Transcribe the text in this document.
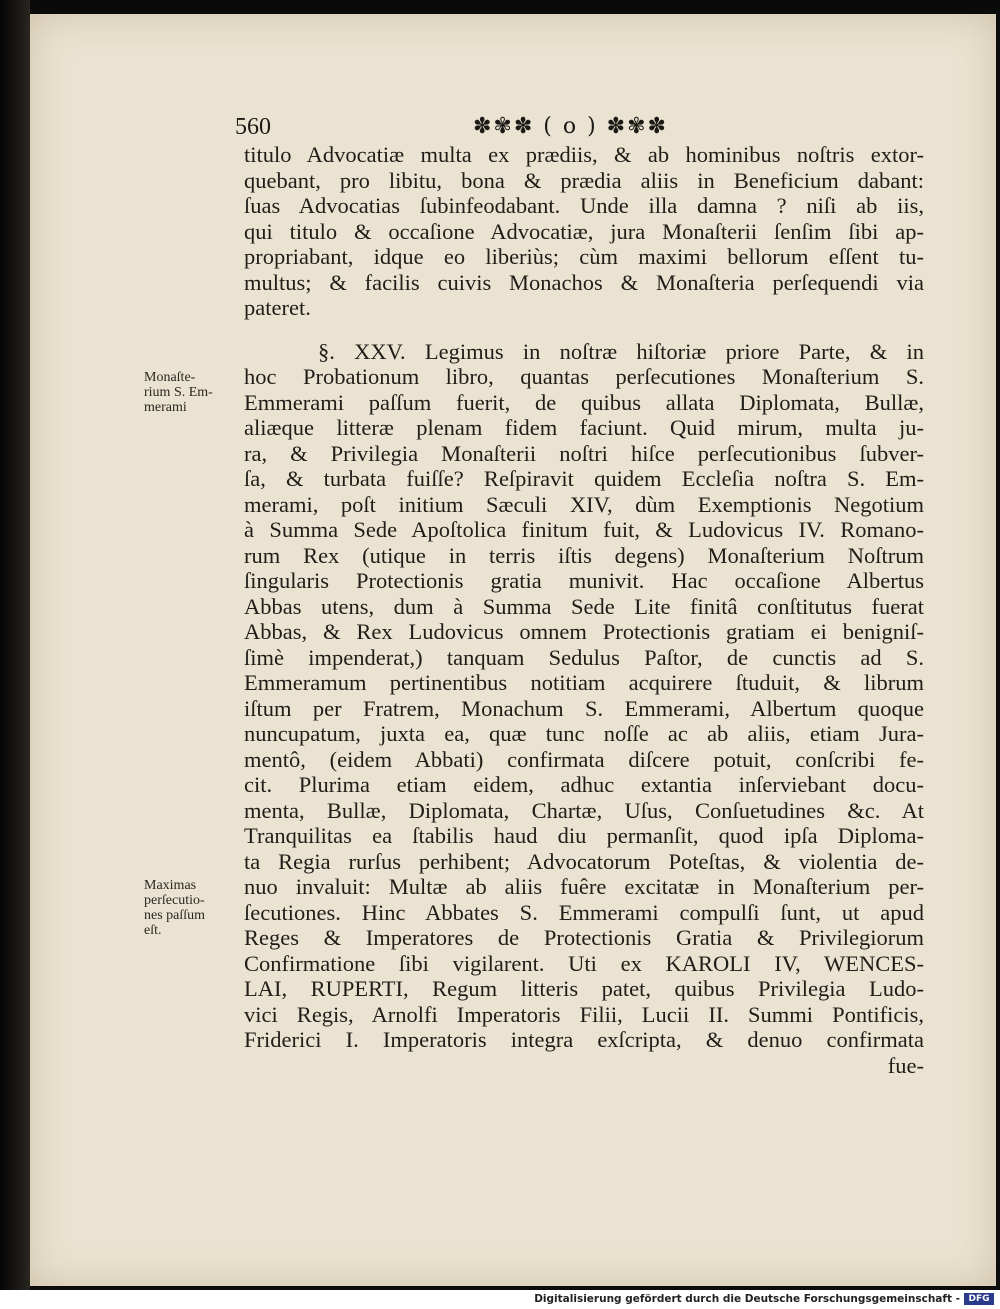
560	✽✾✽ ( o ) ✽✾✽
titulo Advocatiæ multa ex prædiis, & ab hominibus noſtris extor-
quebant, pro libitu, bona & prædia aliis in Beneficium dabant:
ſuas Advocatias ſubinfeodabant. Unde illa damna ? niſi ab iis,
qui titulo & occaſione Advocatiæ, jura Monaſterii ſenſim ſibi ap-
propriabant, idque eo liberiùs; cùm maximi bellorum eſſent tu-
multus; & facilis cuivis Monachos & Monaſteria perſequendi via
pateret.
§. XXV. Legimus in noſtræ hiſtoriæ priore Parte, & in
hoc Probationum libro, quantas perſecutiones Monaſterium S.
Emmerami paſſum fuerit, de quibus allata Diplomata, Bullæ,
aliæque litteræ plenam fidem faciunt. Quid mirum, multa ju-
ra, & Privilegia Monaſterii noſtri hiſce perſecutionibus ſubver-
ſa, & turbata fuiſſe? Reſpiravit quidem Eccleſia noſtra S. Em-
merami, poſt initium Sæculi XIV, dùm Exemptionis Negotium
à Summa Sede Apoſtolica finitum fuit, & Ludovicus IV. Romano-
rum Rex (utique in terris iſtis degens) Monaſterium Noſtrum
ſingularis Protectionis gratia munivit. Hac occaſione Albertus
Abbas utens, dum à Summa Sede Lite finitâ conſtitutus fuerat
Abbas, & Rex Ludovicus omnem Protectionis gratiam ei benigniſ-
ſimè impenderat,) tanquam Sedulus Paſtor, de cunctis ad S.
Emmeramum pertinentibus notitiam acquirere ſtuduit, & librum
iſtum per Fratrem, Monachum S. Emmerami, Albertum quoque
nuncupatum, juxta ea, quæ tunc noſſe ac ab aliis, etiam Jura-
mentô, (eidem Abbati) confirmata diſcere potuit, conſcribi fe-
cit. Plurima etiam eidem, adhuc extantia inſerviebant docu-
menta, Bullæ, Diplomata, Chartæ, Uſus, Conſuetudines &c. At
Tranquilitas ea ſtabilis haud diu permanſit, quod ipſa Diploma-
ta Regia rurſus perhibent; Advocatorum Poteſtas, & violentia de-
nuo invaluit: Multæ ab aliis fuêre excitatæ in Monaſterium per-
ſecutiones. Hinc Abbates S. Emmerami compulſi ſunt, ut apud
Reges & Imperatores de Protectionis Gratia & Privilegiorum
Confirmatione ſibi vigilarent. Uti ex KAROLI IV, WENCES-
LAI, RUPERTI, Regum litteris patet, quibus Privilegia Ludo-
vici Regis, Arnolfi Imperatoris Filii, Lucii II. Summi Pontificis,
Friderici I. Imperatoris integra exſcripta, & denuo confirmata
fue-
Monaſte-
rium S. Em-
merami
Maximas
perſecutio-
nes paſſum
eſt.
Digitalisierung gefördert durch die Deutsche Forschungsgemeinschaft - DFG
